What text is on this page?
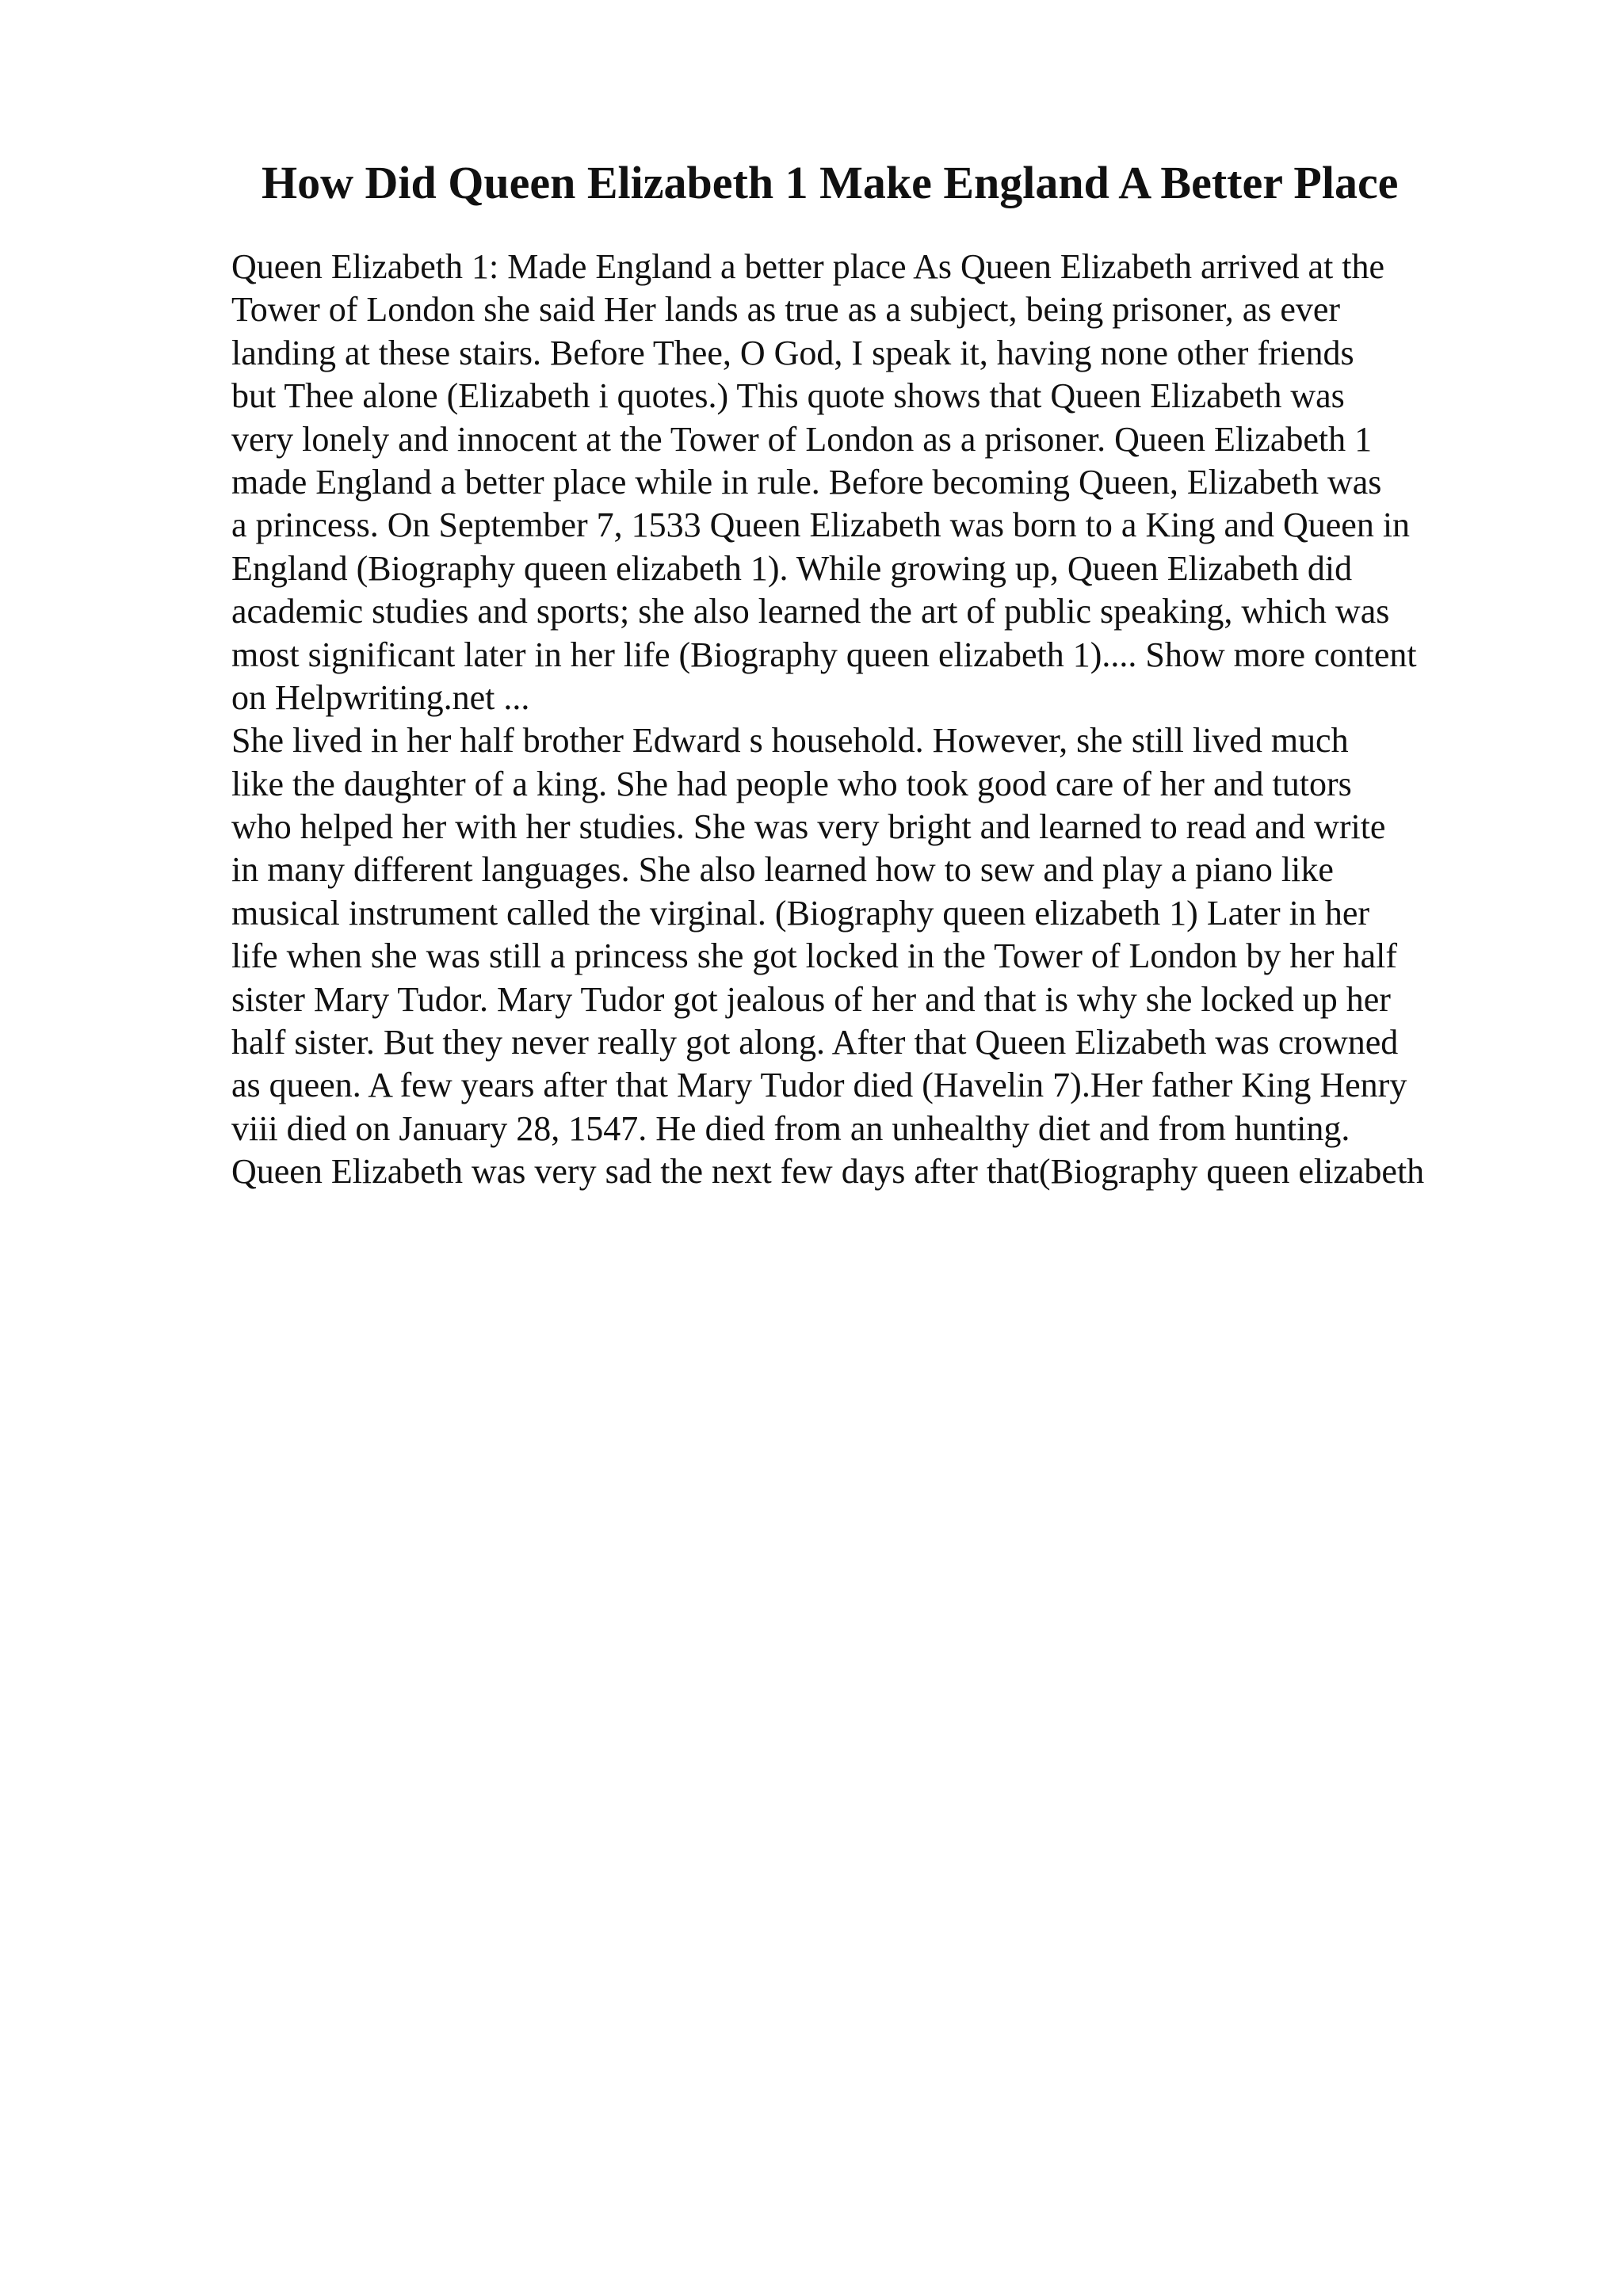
How Did Queen Elizabeth 1 Make England A Better Place
Queen Elizabeth 1: Made England a better place As Queen Elizabeth arrived at the
Tower of London she said Her lands as true as a subject, being prisoner, as ever
landing at these stairs. Before Thee, O God, I speak it, having none other friends
but Thee alone (Elizabeth i quotes.) This quote shows that Queen Elizabeth was
very lonely and innocent at the Tower of London as a prisoner. Queen Elizabeth 1
made England a better place while in rule. Before becoming Queen, Elizabeth was
a princess. On September 7, 1533 Queen Elizabeth was born to a King and Queen in
England (Biography queen elizabeth 1). While growing up, Queen Elizabeth did
academic studies and sports; she also learned the art of public speaking, which was
most significant later in her life (Biography queen elizabeth 1).... Show more content
on Helpwriting.net ...
She lived in her half brother Edward s household. However, she still lived much
like the daughter of a king. She had people who took good care of her and tutors
who helped her with her studies. She was very bright and learned to read and write
in many different languages. She also learned how to sew and play a piano like
musical instrument called the virginal. (Biography queen elizabeth 1) Later in her
life when she was still a princess she got locked in the Tower of London by her half
sister Mary Tudor. Mary Tudor got jealous of her and that is why she locked up her
half sister. But they never really got along. After that Queen Elizabeth was crowned
as queen. A few years after that Mary Tudor died (Havelin 7).Her father King Henry
viii died on January 28, 1547. He died from an unhealthy diet and from hunting.
Queen Elizabeth was very sad the next few days after that(Biography queen elizabeth
